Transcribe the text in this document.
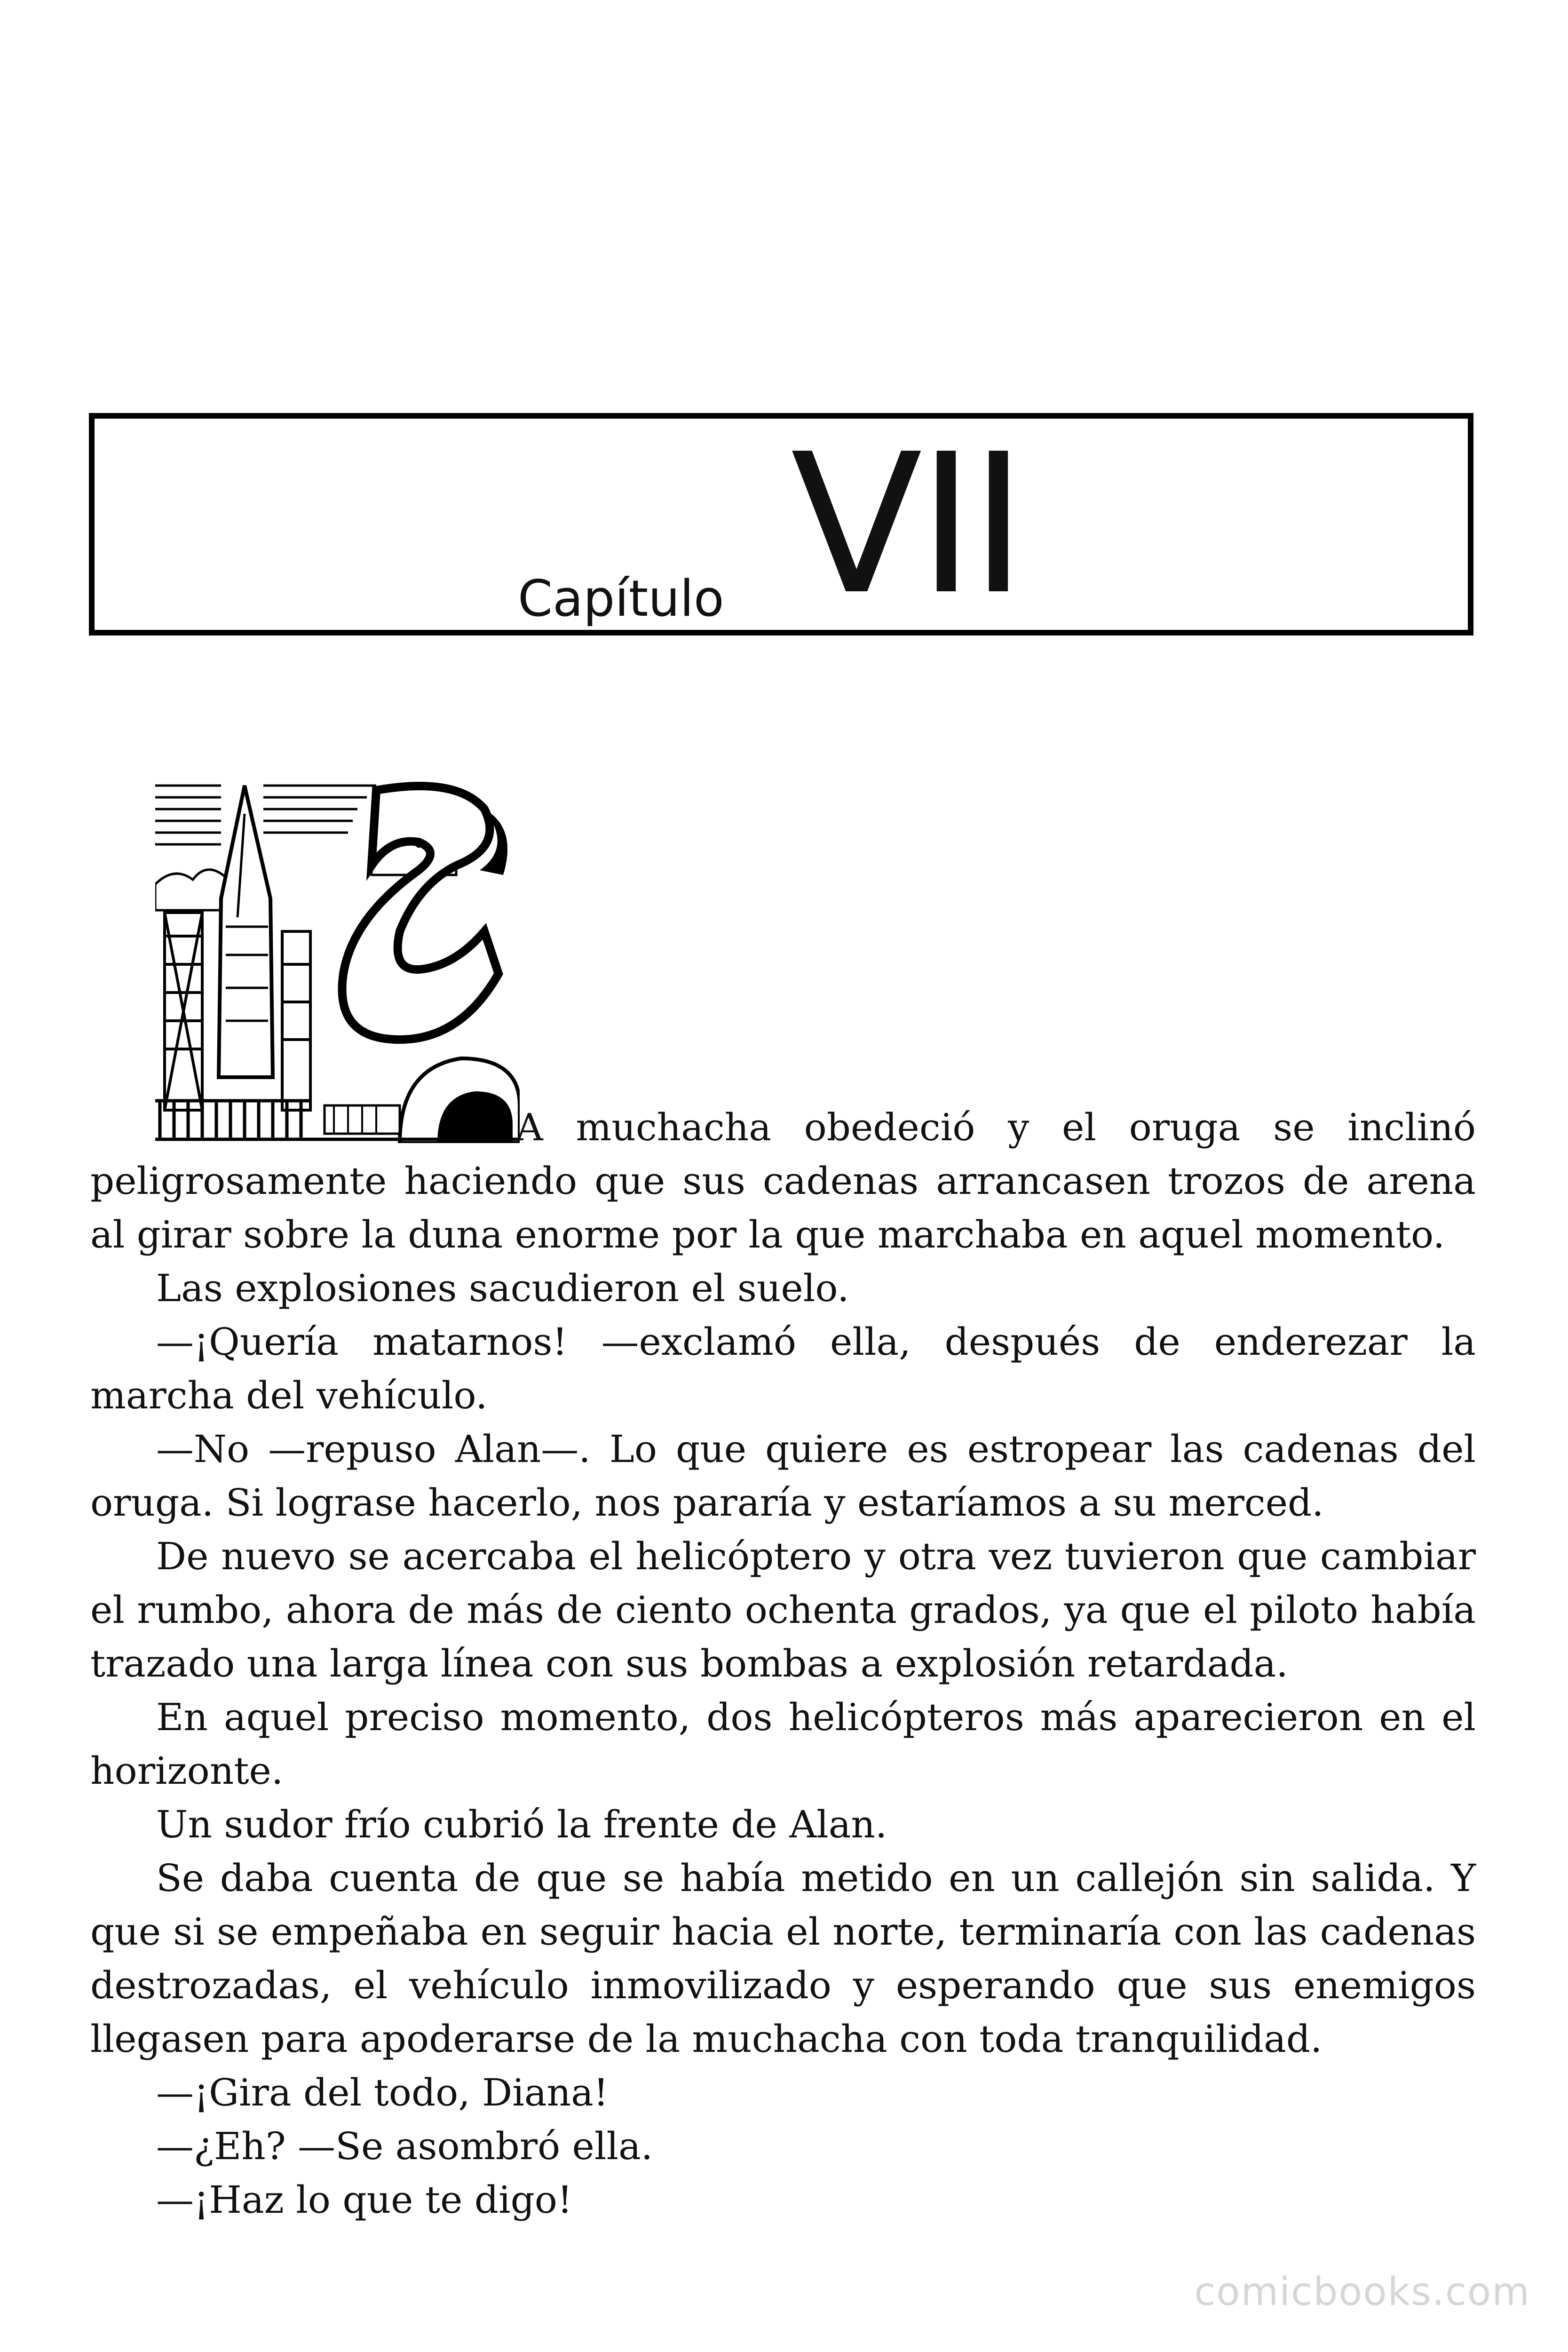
Capítulo VII

A muchacha obedeció y el oruga se inclinó peligrosamente haciendo que sus cadenas arrancasen trozos de arena al girar sobre la duna enorme por la que marchaba en aquel momento.

Las explosiones sacudieron el suelo.

—¡Quería matarnos! —exclamó ella, después de enderezar la marcha del vehículo.

—No —repuso Alan—. Lo que quiere es estropear las cadenas del oruga. Si lograse hacerlo, nos pararía y estaríamos a su merced.

De nuevo se acercaba el helicóptero y otra vez tuvieron que cambiar el rumbo, ahora de más de ciento ochenta grados, ya que el piloto había trazado una larga línea con sus bombas a explosión retardada.

En aquel preciso momento, dos helicópteros más aparecieron en el horizonte.

Un sudor frío cubrió la frente de Alan.

Se daba cuenta de que se había metido en un callejón sin salida. Y que si se empeñaba en seguir hacia el norte, terminaría con las cadenas destrozadas, el vehículo inmovilizado y esperando que sus enemigos llegasen para apoderarse de la muchacha con toda tranquilidad.

—¡Gira del todo, Diana!

—¿Eh? —Se asombró ella.

—¡Haz lo que te digo!

comicbooks.com
